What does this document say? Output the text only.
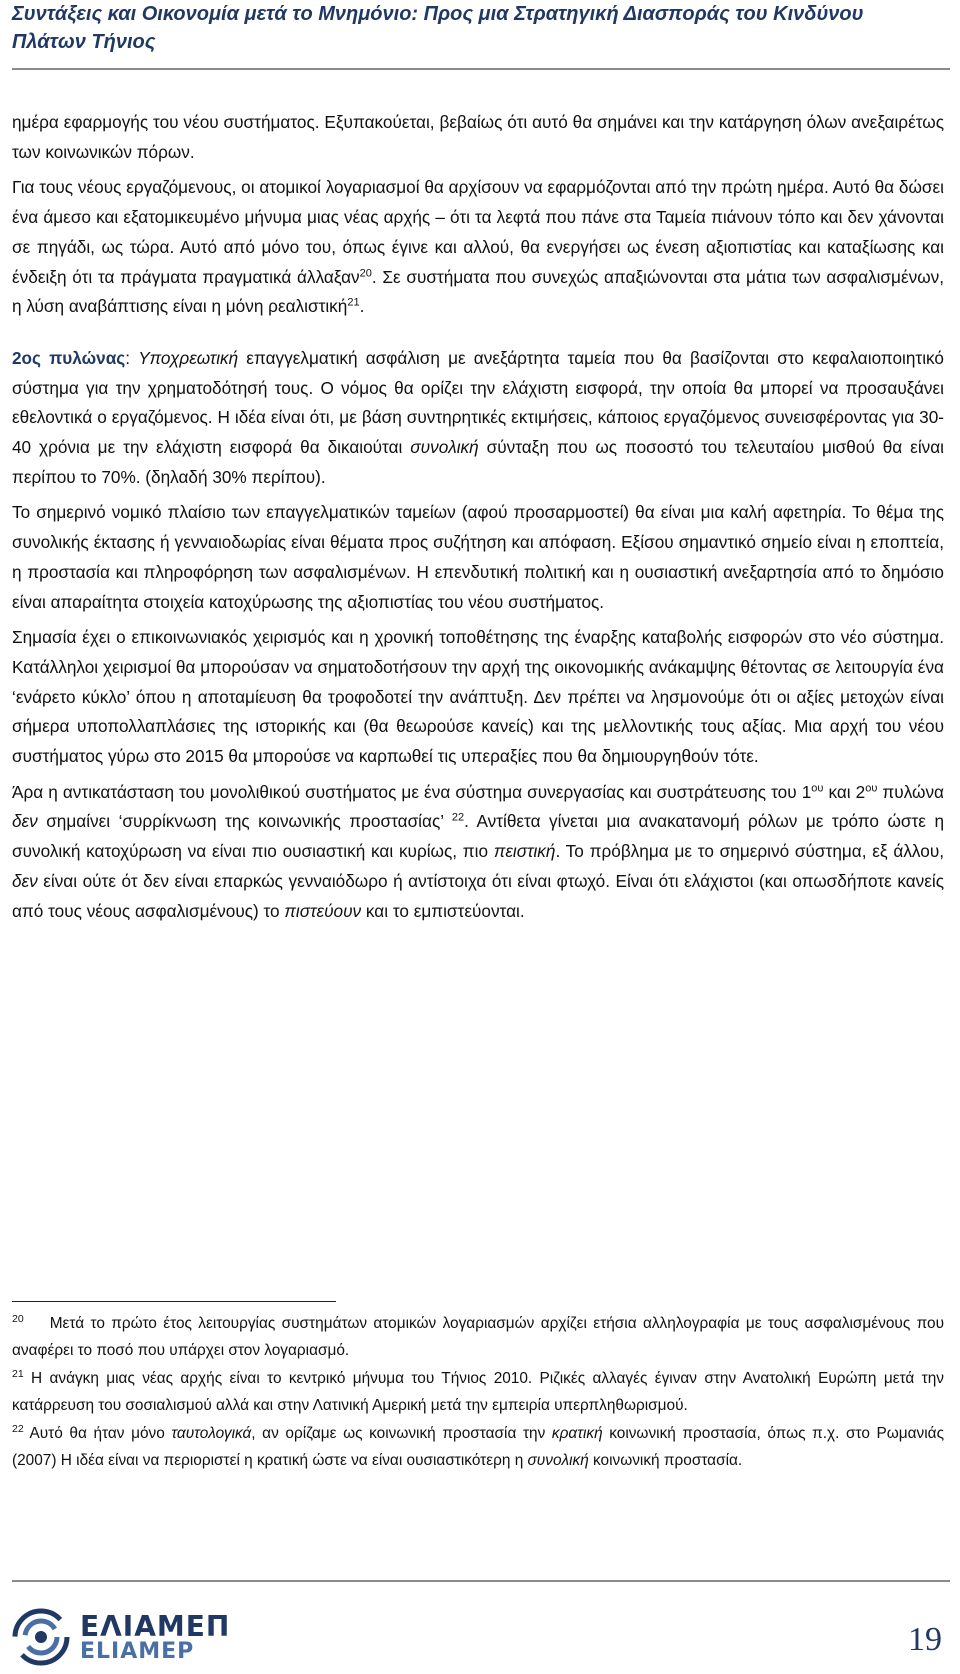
Συντάξεις και Οικονομία μετά το Μνημόνιο: Προς μια Στρατηγική Διασποράς του Κινδύνου
Πλάτων Τήνιος

ημέρα εφαρμογής του νέου συστήματος. Εξυπακούεται, βεβαίως ότι αυτό θα σημάνει και την κατάργηση όλων ανεξαιρέτως των κοινωνικών πόρων.

Για τους νέους εργαζόμενους, οι ατομικοί λογαριασμοί θα αρχίσουν να εφαρμόζονται από την πρώτη ημέρα. Αυτό θα δώσει ένα άμεσο και εξατομικευμένο μήνυμα μιας νέας αρχής – ότι τα λεφτά που πάνε στα Ταμεία πιάνουν τόπο και δεν χάνονται σε πηγάδι, ως τώρα. Αυτό από μόνο του, όπως έγινε και αλλού, θα ενεργήσει ως ένεση αξιοπιστίας και καταξίωσης και ένδειξη ότι τα πράγματα πραγματικά άλλαξαν$^{20}$. Σε συστήματα που συνεχώς απαξιώνονται στα μάτια των ασφαλισμένων, η λύση αναβάπτισης είναι η μόνη ρεαλιστική$^{21}$.

2ος πυλώνας: Υποχρεωτική επαγγελματική ασφάλιση με ανεξάρτητα ταμεία που θα βασίζονται στο κεφαλαιοποιητικό σύστημα για την χρηματοδότησή τους. Ο νόμος θα ορίζει την ελάχιστη εισφορά, την οποία θα μπορεί να προσαυξάνει εθελοντικά ο εργαζόμενος. Η ιδέα είναι ότι, με βάση συντηρητικές εκτιμήσεις, κάποιος εργαζόμενος συνεισφέροντας για 30-40 χρόνια με την ελάχιστη εισφορά θα δικαιούται συνολική σύνταξη που ως ποσοστό του τελευταίου μισθού θα είναι περίπου το 70%. (δηλαδή 30% περίπου).

Το σημερινό νομικό πλαίσιο των επαγγελματικών ταμείων (αφού προσαρμοστεί) θα είναι μια καλή αφετηρία. Το θέμα της συνολικής έκτασης ή γενναιοδωρίας είναι θέματα προς συζήτηση και απόφαση. Εξίσου σημαντικό σημείο είναι η εποπτεία, η προστασία και πληροφόρηση των ασφαλισμένων. Η επενδυτική πολιτική και η ουσιαστική ανεξαρτησία από το δημόσιο είναι απαραίτητα στοιχεία κατοχύρωσης της αξιοπιστίας του νέου συστήματος.

Σημασία έχει ο επικοινωνιακός χειρισμός και η χρονική τοποθέτησης της έναρξης καταβολής εισφορών στο νέο σύστημα. Κατάλληλοι χειρισμοί θα μπορούσαν να σηματοδοτήσουν την αρχή της οικονομικής ανάκαμψης θέτοντας σε λειτουργία ένα ‘ενάρετο κύκλο’ όπου η αποταμίευση θα τροφοδοτεί την ανάπτυξη. Δεν πρέπει να λησμονούμε ότι οι αξίες μετοχών είναι σήμερα υποπολλαπλάσιες της ιστορικής και (θα θεωρούσε κανείς) και της μελλοντικής τους αξίας. Μια αρχή του νέου συστήματος γύρω στο 2015 θα μπορούσε να καρπωθεί τις υπεραξίες που θα δημιουργηθούν τότε.

Άρα η αντικατάσταση του μονολιθικού συστήματος με ένα σύστημα συνεργασίας και συστράτευσης του $1^{o\upsilon}$ και $2^{o\upsilon}$ πυλώνα δεν σημαίνει ‘συρρίκνωση της κοινωνικής προστασίας’ $^{22}$. Αντίθετα γίνεται μια ανακατανομή ρόλων με τρόπο ώστε η συνολική κατοχύρωση να είναι πιο ουσιαστική και κυρίως, πιο πειστική. Το πρόβλημα με το σημερινό σύστημα, εξ άλλου, δεν είναι ούτε ότ δεν είναι επαρκώς γενναιόδωρο ή αντίστοιχα ότι είναι φτωχό. Είναι ότι ελάχιστοι (και οπωσδήποτε κανείς από τους νέους ασφαλισμένους) το πιστεύουν και το εμπιστεύονται.

$^{20}$ Μετά το πρώτο έτος λειτουργίας συστημάτων ατομικών λογαριασμών αρχίζει ετήσια αλληλογραφία με τους ασφαλισμένους που αναφέρει το ποσό που υπάρχει στον λογαριασμό.

$^{21}$ Η ανάγκη μιας νέας αρχής είναι το κεντρικό μήνυμα του Τήνιος 2010. Ριζικές αλλαγές έγιναν στην Ανατολική Ευρώπη μετά την κατάρρευση του σοσιαλισμού αλλά και στην Λατινική Αμερική μετά την εμπειρία υπερπληθωρισμού.

$^{22}$ Αυτό θα ήταν μόνο ταυτολογικά, αν ορίζαμε ως κοινωνική προστασία την κρατική κοινωνική προστασία, όπως π.χ. στο Ρωμανιάς (2007) Η ιδέα είναι να περιοριστεί η κρατική ώστε να είναι ουσιαστικότερη η συνολική κοινωνική προστασία.

ΕΛΙΑΜΕΠ
ELIAMEP	19
